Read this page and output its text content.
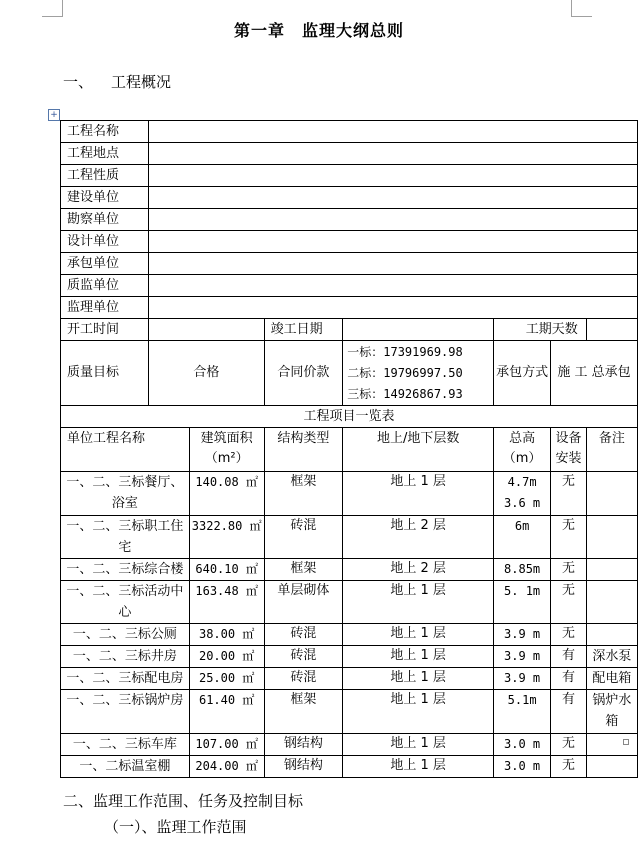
第一章　监理大纲总则
一、 工程概况
+
工程名称							
工程地点							
工程性质							
建设单位							
勘察单位							
设计单位							
承包单位							
质监单位							
监理单位							
开工时间			竣工日期		工期天数		
质量目标	合格		合同价款	一标：17391969.98
二标：19796997.50
三标：14926867.93	承包方式	施 工 总承包	
工程项目一览表							
单位工程名称		建筑面积（m²）	结构类型	地上/地下层数	总高（m）	设备安装	备注
一、二、三标餐厅、浴室		140.08 ㎡	框架	地上 1 层	4.7m
3.6 m	无	
一、二、三标职工住宅		3322.80 ㎡	砖混	地上 2 层	6m	无	
一、二、三标综合楼		640.10 ㎡	框架	地上 2 层	8.85m	无	
一、二、三标活动中心		163.48 ㎡	单层砌体	地上 1 层	5. 1m	无	
一、二、三标公厕		38.00 ㎡	砖混	地上 1 层	3.9 m	无	
一、二、三标井房		20.00 ㎡	砖混	地上 1 层	3.9 m	有	深水泵
一、二、三标配电房		25.00 ㎡	砖混	地上 1 层	3.9 m	有	配电箱
一、二、三标锅炉房		61.40 ㎡	框架	地上 1 层	5.1m	有	锅炉水箱
一、二、三标车库		107.00 ㎡	钢结构	地上 1 层	3.0 m	无	
一、二标温室棚		204.00 ㎡	钢结构	地上 1 层	3.0 m	无	
二、监理工作范围、任务及控制目标
（一）、监理工作范围
